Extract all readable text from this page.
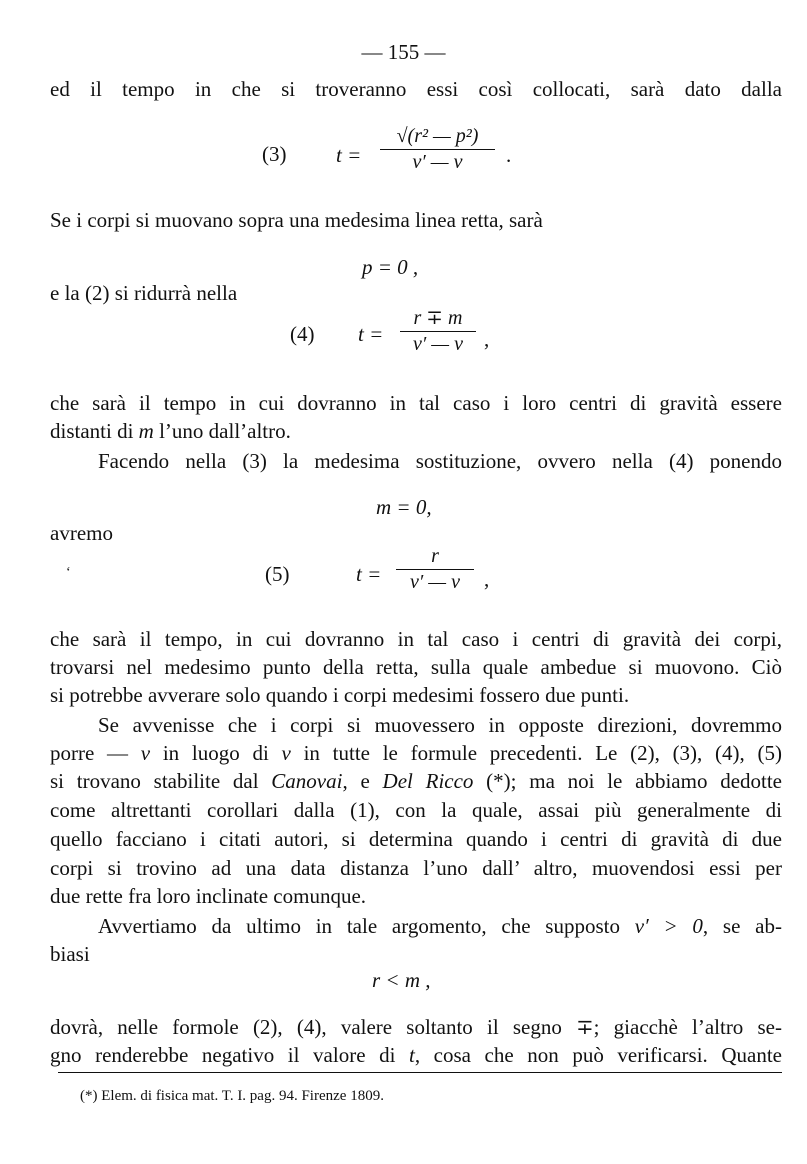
— 155 —
ed il tempo in che si troveranno essi così collocati, sarà dato dalla
(3) t =
√(r² — p²)
v′ — v	.
Se i corpi si muovano sopra una medesima linea retta, sarà
p = 0 ,
e la (2) si ridurrà nella
(4) t =
r ∓ m
v′ — v	,
che sarà il tempo in cui dovranno in tal caso i loro centri di gravità essere
distanti di m l’uno dall’altro.
Facendo nella (3) la medesima sostituzione, ovvero nella (4) ponendo
m = 0,
avremo
‘	(5)	t =
r
v′ — v	,
che sarà il tempo, in cui dovranno in tal caso i centri di gravità dei corpi,
trovarsi nel medesimo punto della retta, sulla quale ambedue si muovono. Ciò
si potrebbe avverare solo quando i corpi medesimi fossero due punti.
Se avvenisse che i corpi si muovessero in opposte direzioni, dovremmo
porre — v in luogo di v in tutte le formule precedenti. Le (2), (3), (4), (5)
si trovano stabilite dal Canovai, e Del Ricco (*); ma noi le abbiamo dedotte
come altrettanti corollari dalla (1), con la quale, assai più generalmente di
quello facciano i citati autori, si determina quando i centri di gravità di due
corpi si trovino ad una data distanza l’uno dall’ altro, muovendosi essi per
due rette fra loro inclinate comunque.
Avvertiamo da ultimo in tale argomento, che supposto v′ > 0, se ab-
biasi
r < m ,
dovrà, nelle formole (2), (4), valere soltanto il segno ∓; giacchè l’altro se-
gno renderebbe negativo il valore di t, cosa che non può verificarsi. Quante
(*) Elem. di fisica mat. T. I. pag. 94. Firenze 1809.
